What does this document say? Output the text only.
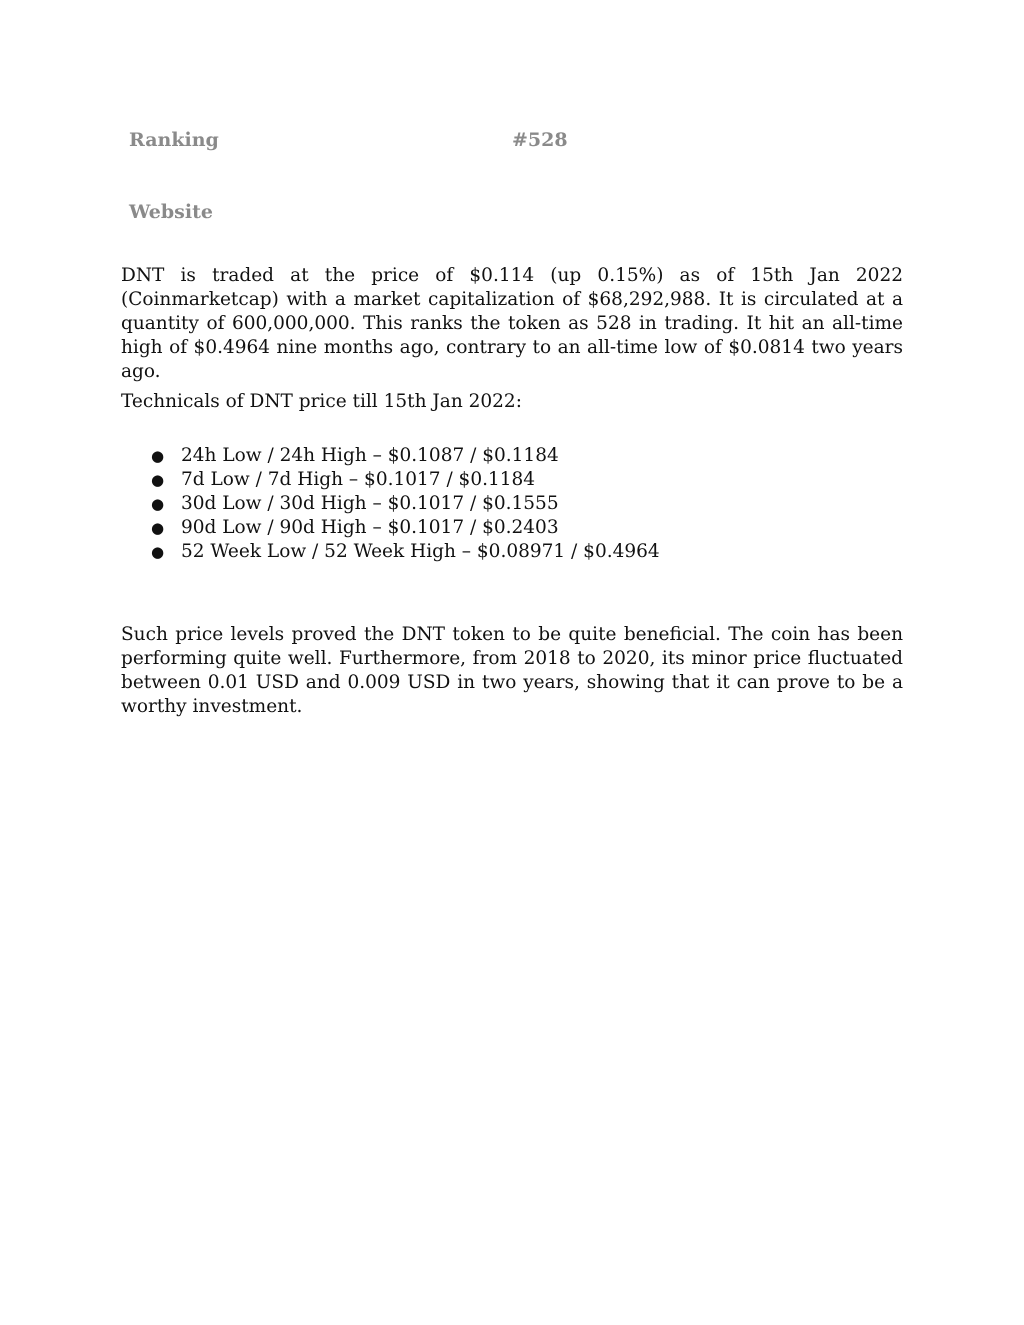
Ranking	#528
Website

DNT is traded at the price of $0.114 (up 0.15%) as of 15th Jan 2022 (Coinmarketcap) with a market capitalization of $68,292,988. It is circulated at a quantity of 600,000,000. This ranks the token as 528 in trading. It hit an all-time high of $0.4964 nine months ago, contrary to an all-time low of $0.0814 two years ago.

Technicals of DNT price till 15th Jan 2022:

● 24h Low / 24h High – $0.1087 / $0.1184
● 7d Low / 7d High – $0.1017 / $0.1184
● 30d Low / 30d High – $0.1017 / $0.1555
● 90d Low / 90d High – $0.1017 / $0.2403
● 52 Week Low / 52 Week High – $0.08971 / $0.4964

Such price levels proved the DNT token to be quite beneficial. The coin has been performing quite well. Furthermore, from 2018 to 2020, its minor price fluctuated between 0.01 USD and 0.009 USD in two years, showing that it can prove to be a worthy investment.
